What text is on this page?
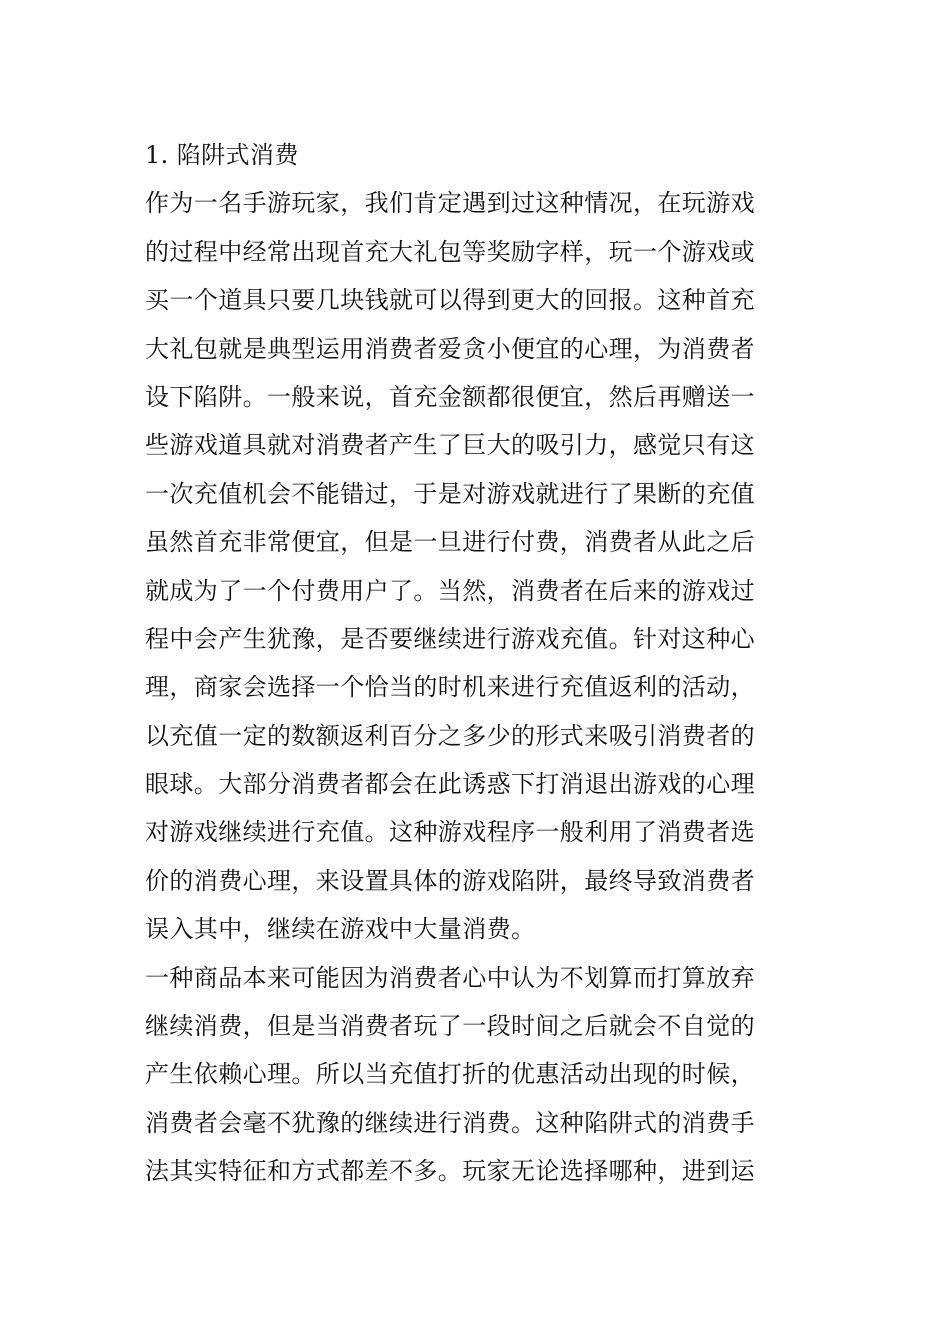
1. 陷阱式消费
作为一名手游玩家，我们肯定遇到过这种情况，在玩游戏
的过程中经常出现首充大礼包等奖励字样，玩一个游戏或
买一个道具只要几块钱就可以得到更大的回报。这种首充
大礼包就是典型运用消费者爱贪小便宜的心理，为消费者
设下陷阱。一般来说，首充金额都很便宜，然后再赠送一
些游戏道具就对消费者产生了巨大的吸引力，感觉只有这
一次充值机会不能错过，于是对游戏就进行了果断的充值
虽然首充非常便宜，但是一旦进行付费，消费者从此之后
就成为了一个付费用户了。当然，消费者在后来的游戏过
程中会产生犹豫，是否要继续进行游戏充值。针对这种心
理，商家会选择一个恰当的时机来进行充值返利的活动，
以充值一定的数额返利百分之多少的形式来吸引消费者的
眼球。大部分消费者都会在此诱惑下打消退出游戏的心理
对游戏继续进行充值。这种游戏程序一般利用了消费者选
价的消费心理，来设置具体的游戏陷阱，最终导致消费者
误入其中，继续在游戏中大量消费。
一种商品本来可能因为消费者心中认为不划算而打算放弃
继续消费，但是当消费者玩了一段时间之后就会不自觉的
产生依赖心理。所以当充值打折的优惠活动出现的时候，
消费者会毫不犹豫的继续进行消费。这种陷阱式的消费手
法其实特征和方式都差不多。玩家无论选择哪种，进到运
